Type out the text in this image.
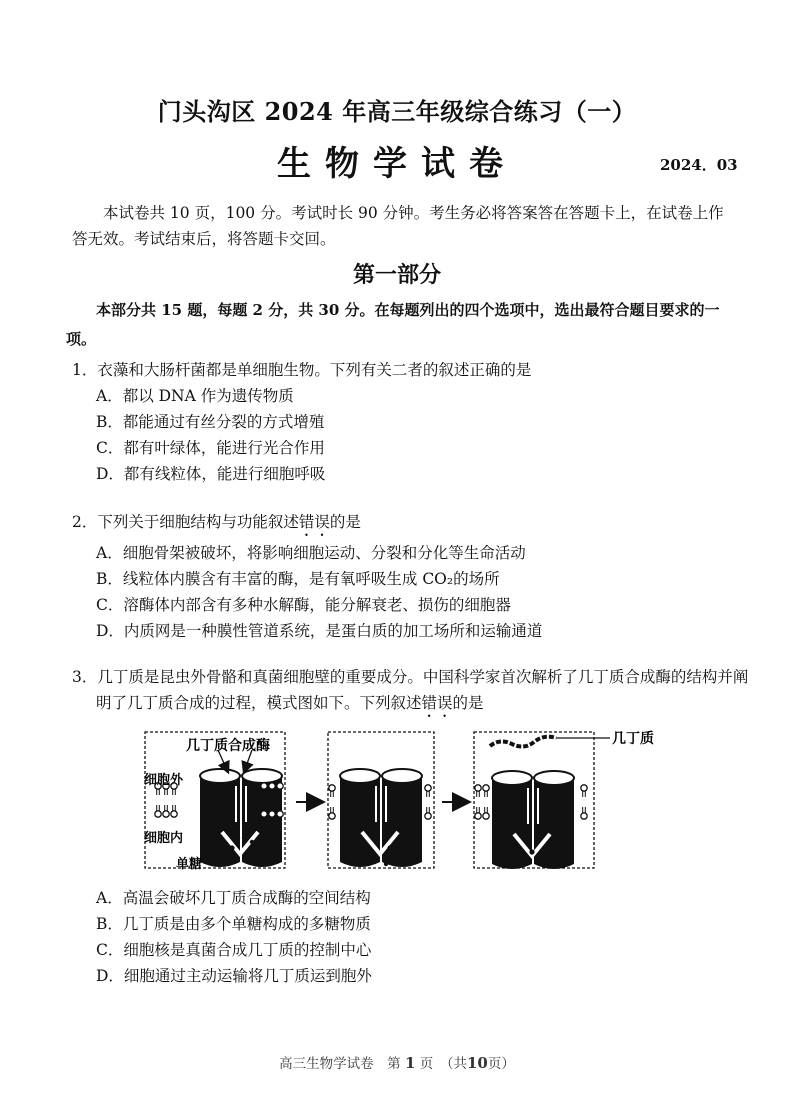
门头沟区 2024 年高三年级综合练习（一）
生物学试卷	2024．03
本试卷共 10 页，100 分。考试时长 90 分钟。考生务必将答案答在答题卡上，在试卷上作答无效。考试结束后，将答题卡交回。
第一部分
本部分共 15 题，每题 2 分，共 30 分。在每题列出的四个选项中，选出最符合题目要求的一项。
1．衣藻和大肠杆菌都是单细胞生物。下列有关二者的叙述正确的是
A．都以 DNA 作为遗传物质
B．都能通过有丝分裂的方式增殖
C．都有叶绿体，能进行光合作用
D．都有线粒体，能进行细胞呼吸
2．下列关于细胞结构与功能叙述错误的是
A．细胞骨架被破坏，将影响细胞运动、分裂和分化等生命活动
B．线粒体内膜含有丰富的酶，是有氧呼吸生成 CO₂的场所
C．溶酶体内部含有多种水解酶，能分解衰老、损伤的细胞器
D．内质网是一种膜性管道系统，是蛋白质的加工场所和运输通道
3．几丁质是昆虫外骨骼和真菌细胞壁的重要成分。中国科学家首次解析了几丁质合成酶的结构并阐明了几丁质合成的过程，模式图如下。下列叙述错误的是
几丁质合成酶
细胞外
细胞内
单糖
几丁质
A．高温会破坏几丁质合成酶的空间结构
B．几丁质是由多个单糖构成的多糖物质
C．细胞核是真菌合成几丁质的控制中心
D．细胞通过主动运输将几丁质运到胞外
高三生物学试卷　第 1 页　（共10页）
